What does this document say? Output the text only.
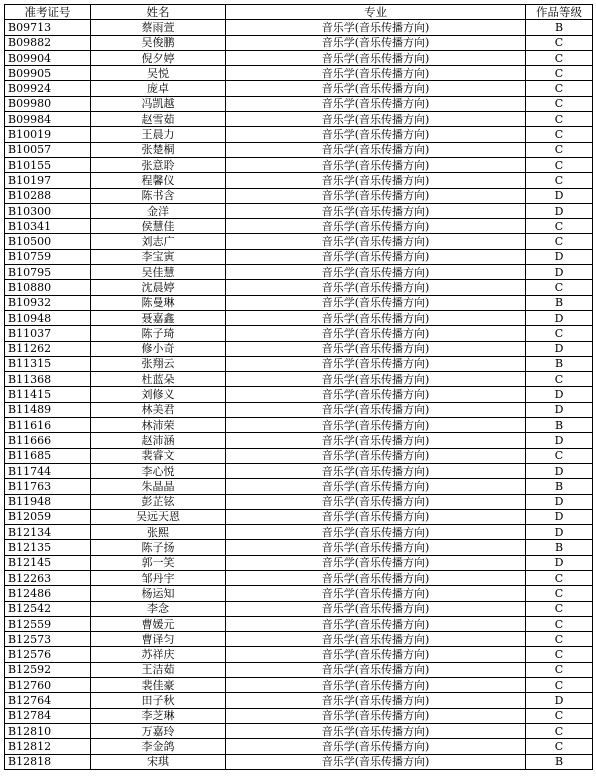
准考证号	姓名	专业	作品等级
B09713	蔡雨萱	音乐学(音乐传播方向)	B
B09882	吴俊鹏	音乐学(音乐传播方向)	C
B09904	倪夕婷	音乐学(音乐传播方向)	C
B09905	吴悦	音乐学(音乐传播方向)	C
B09924	庞卓	音乐学(音乐传播方向)	C
B09980	冯凯越	音乐学(音乐传播方向)	C
B09984	赵雪茹	音乐学(音乐传播方向)	C
B10019	王晨力	音乐学(音乐传播方向)	C
B10057	张楚桐	音乐学(音乐传播方向)	C
B10155	张意聆	音乐学(音乐传播方向)	C
B10197	程馨仪	音乐学(音乐传播方向)	C
B10288	陈书含	音乐学(音乐传播方向)	D
B10300	金洋	音乐学(音乐传播方向)	D
B10341	侯慧佳	音乐学(音乐传播方向)	C
B10500	刘志广	音乐学(音乐传播方向)	C
B10759	李宝寅	音乐学(音乐传播方向)	D
B10795	吴佳慧	音乐学(音乐传播方向)	D
B10880	沈晨婷	音乐学(音乐传播方向)	C
B10932	陈曼琳	音乐学(音乐传播方向)	B
B10948	聂嘉鑫	音乐学(音乐传播方向)	D
B11037	陈子琦	音乐学(音乐传播方向)	C
B11262	修小奇	音乐学(音乐传播方向)	D
B11315	张翔云	音乐学(音乐传播方向)	B
B11368	杜蓝朵	音乐学(音乐传播方向)	C
B11415	刘修义	音乐学(音乐传播方向)	D
B11489	林美君	音乐学(音乐传播方向)	D
B11616	林沛荣	音乐学(音乐传播方向)	B
B11666	赵沛涵	音乐学(音乐传播方向)	D
B11685	裴睿文	音乐学(音乐传播方向)	C
B11744	李心悦	音乐学(音乐传播方向)	D
B11763	朱晶晶	音乐学(音乐传播方向)	B
B11948	彭芷铉	音乐学(音乐传播方向)	D
B12059	吴远天恩	音乐学(音乐传播方向)	D
B12134	张熙	音乐学(音乐传播方向)	D
B12135	陈子扬	音乐学(音乐传播方向)	B
B12145	郭一笑	音乐学(音乐传播方向)	D
B12263	邹丹宇	音乐学(音乐传播方向)	C
B12486	杨运知	音乐学(音乐传播方向)	C
B12542	李念	音乐学(音乐传播方向)	C
B12559	曹媛元	音乐学(音乐传播方向)	C
B12573	曹译匀	音乐学(音乐传播方向)	C
B12576	苏祥庆	音乐学(音乐传播方向)	C
B12592	王洁茹	音乐学(音乐传播方向)	C
B12760	裴佳豪	音乐学(音乐传播方向)	C
B12764	田子秋	音乐学(音乐传播方向)	D
B12784	李芝琳	音乐学(音乐传播方向)	C
B12810	万嘉玲	音乐学(音乐传播方向)	C
B12812	李金鸽	音乐学(音乐传播方向)	C
B12818	宋琪	音乐学(音乐传播方向)	B
